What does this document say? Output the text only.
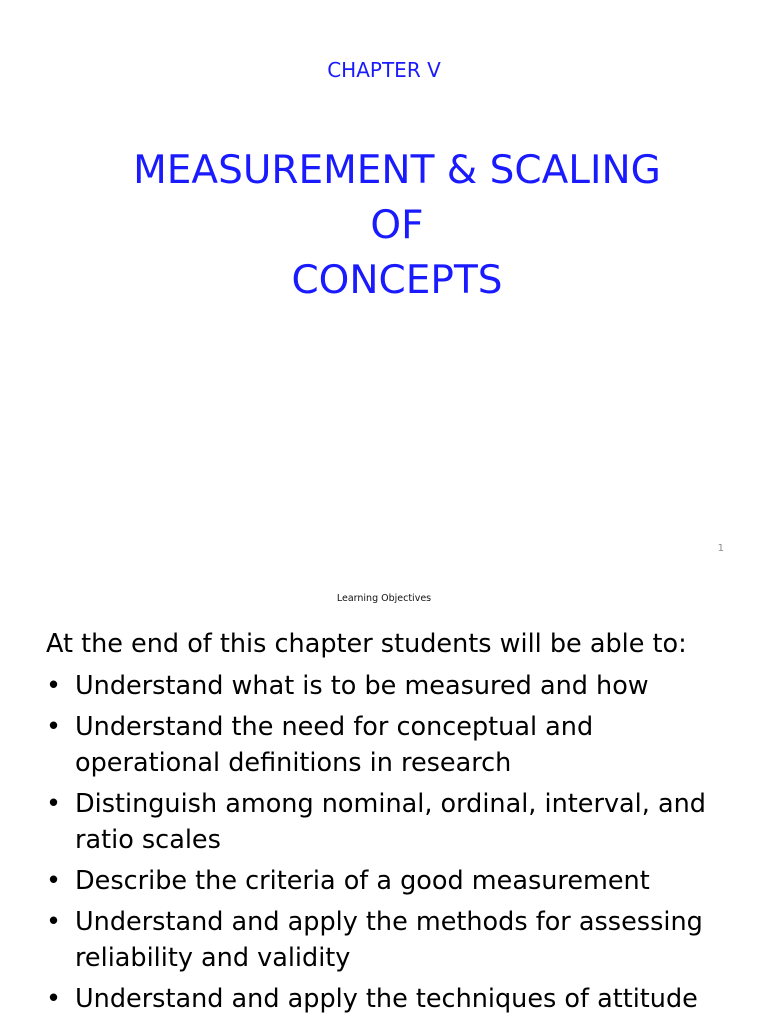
CHAPTER V
MEASUREMENT & SCALING
OF
CONCEPTS
1
Learning Objectives
At the end of this chapter students will be able to:
• Understand what is to be measured and how
• Understand the need for conceptual and operational definitions in research
• Distinguish among nominal, ordinal, interval, and ratio scales
• Describe the criteria of a good measurement
• Understand and apply the methods for assessing reliability and validity
• Understand and apply the techniques of attitude
